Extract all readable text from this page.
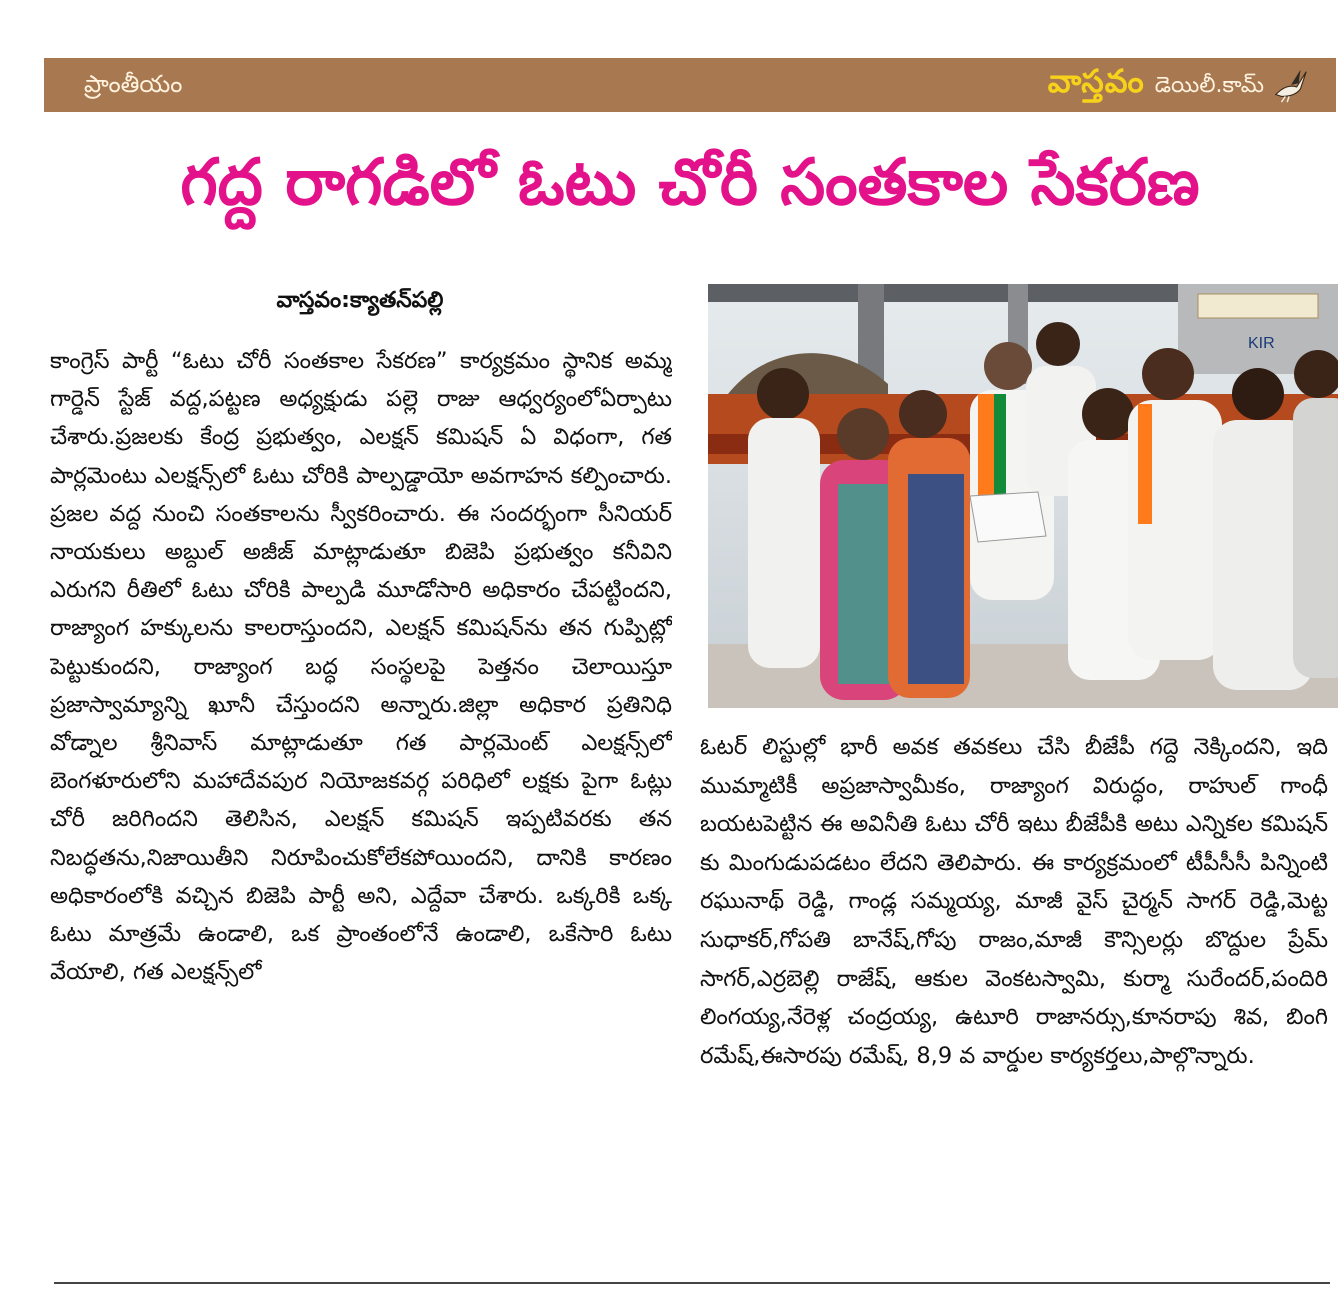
ప్రాంతీయం	వాస్తవం డెయిలీ.కామ్
గద్ద రాగడిలో ఓటు చోరీ సంతకాల సేకరణ
వాస్తవం:క్యాతన్‌పల్లి

కాంగ్రెస్ పార్టీ “ఓటు చోరీ సంతకాల సేకరణ” కార్యక్రమం స్థానిక అమ్మ గార్డెన్ స్టేజ్ వద్ద,పట్టణ అధ్యక్షుడు పల్లె రాజు ఆధ్వర్యంలోఏర్పాటు చేశారు.ప్రజలకు కేంద్ర ప్రభుత్వం, ఎలక్షన్ కమిషన్ ఏ విధంగా, గత పార్లమెంటు ఎలక్షన్స్‌లో ఓటు చోరికి పాల్పడ్డాయో అవగాహన కల్పించారు. ప్రజల వద్ద నుంచి సంతకాలను స్వీకరించారు. ఈ సందర్భంగా సీనియర్ నాయకులు అబ్దుల్ అజీజ్ మాట్లాడుతూ బిజెపి ప్రభుత్వం కనీవిని ఎరుగని రీతిలో ఓటు చోరికి పాల్పడి మూడోసారి అధికారం చేపట్టిందని, రాజ్యాంగ హక్కులను కాలరాస్తుందని, ఎలక్షన్ కమిషన్‌ను తన గుప్పిట్లో పెట్టుకుందని, రాజ్యాంగ బద్ధ సంస్థలపై పెత్తనం చెలాయిస్తూ ప్రజాస్వామ్యాన్ని ఖూనీ చేస్తుందని అన్నారు.జిల్లా అధికార ప్రతినిధి వోడ్నాల శ్రీనివాస్ మాట్లాడుతూ గత పార్లమెంట్ ఎలక్షన్స్‌లో బెంగళూరులోని మహాదేవపుర నియోజకవర్గ పరిధిలో లక్షకు పైగా ఓట్లు చోరీ జరిగిందని తెలిసిన, ఎలక్షన్ కమిషన్ ఇప్పటివరకు తన నిబద్ధతను,నిజాయితీని నిరూపించుకోలేకపోయిందని, దానికి కారణం అధికారంలోకి వచ్చిన బిజెపి పార్టీ అని, ఎద్దేవా చేశారు. ఒక్కరికి ఒక్క ఓటు మాత్రమే ఉండాలి, ఒక ప్రాంతంలోనే ఉండాలి, ఒకేసారి ఓటు వేయాలి, గత ఎలక్షన్స్‌లో

KIR

ఓటర్ లిస్టుల్లో భారీ అవక తవకలు చేసి బీజేపీ గద్దె నెక్కిందని, ఇది ముమ్మాటికీ అప్రజాస్వామీకం, రాజ్యాంగ విరుద్ధం, రాహుల్ గాంధీ బయటపెట్టిన ఈ అవినీతి ఓటు చోరీ ఇటు బీజేపీకి అటు ఎన్నికల కమిషన్ కు మింగుడుపడటం లేదని తెలిపారు. ఈ కార్యక్రమంలో టీపీసీసీ పిన్నింటి రఘునాథ్ రెడ్డి, గాండ్ల సమ్మయ్య, మాజీ వైస్ చైర్మన్ సాగర్ రెడ్డి,మెట్ట సుధాకర్,గోపతి బానేష్,గోపు రాజం,మాజీ కౌన్సిలర్లు బొద్దుల ప్రేమ్ సాగర్,ఎర్రబెల్లి రాజేష్, ఆకుల వెంకటస్వామి, కుర్మా సురేందర్,పందిరి లింగయ్య,నేరెళ్ల చంద్రయ్య, ఉటూరి రాజానర్సు,కూనరాపు శివ, బింగి రమేష్,ఈసారపు రమేష్, 8,9 వ వార్డుల కార్యకర్తలు,పాల్గొన్నారు.
